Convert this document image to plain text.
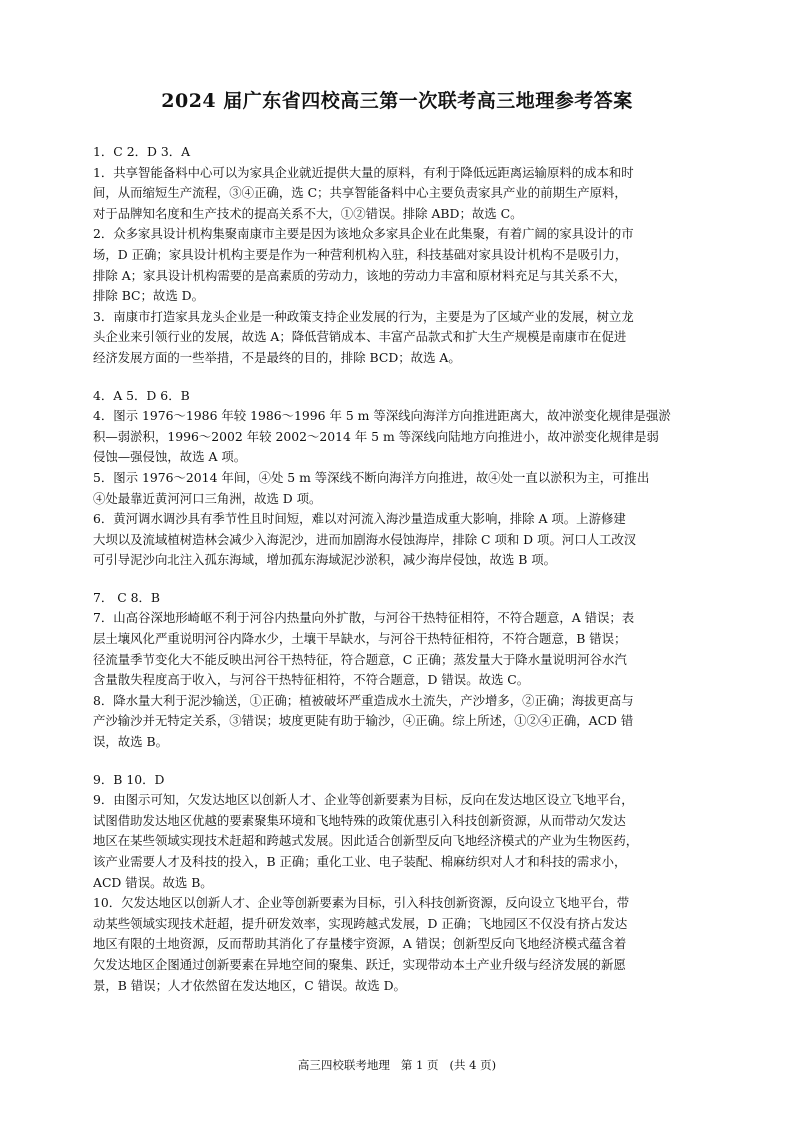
2024 届广东省四校高三第一次联考高三地理参考答案
1．C 2．D 3．A
1．共享智能备料中心可以为家具企业就近提供大量的原料，有利于降低远距离运输原料的成本和时
间，从而缩短生产流程，③④正确，选 C；共享智能备料中心主要负责家具产业的前期生产原料，
对于品牌知名度和生产技术的提高关系不大，①②错误。排除 ABD；故选 C。
2．众多家具设计机构集聚南康市主要是因为该地众多家具企业在此集聚，有着广阔的家具设计的市
场，D 正确；家具设计机构主要是作为一种营利机构入驻，科技基础对家具设计机构不是吸引力，
排除 A；家具设计机构需要的是高素质的劳动力，该地的劳动力丰富和原材料充足与其关系不大，
排除 BC；故选 D。
3．南康市打造家具龙头企业是一种政策支持企业发展的行为，主要是为了区域产业的发展，树立龙
头企业来引领行业的发展，故选 A；降低营销成本、丰富产品款式和扩大生产规模是南康市在促进
经济发展方面的一些举措，不是最终的目的，排除 BCD；故选 A。
4．A 5．D 6．B
4．图示 1976～1986 年较 1986～1996 年 5 m 等深线向海洋方向推进距离大，故冲淤变化规律是强淤
积—弱淤积，1996～2002 年较 2002～2014 年 5 m 等深线向陆地方向推进小，故冲淤变化规律是弱
侵蚀—强侵蚀，故选 A 项。
5．图示 1976～2014 年间，④处 5 m 等深线不断向海洋方向推进，故④处一直以淤积为主，可推出
④处最靠近黄河河口三角洲，故选 D 项。
6．黄河调水调沙具有季节性且时间短，难以对河流入海沙量造成重大影响，排除 A 项。上游修建
大坝以及流域植树造林会减少入海泥沙，进而加剧海水侵蚀海岸，排除 C 项和 D 项。河口人工改汊
可引导泥沙向北注入孤东海域，增加孤东海域泥沙淤积，减少海岸侵蚀，故选 B 项。
7． C 8．B
7．山高谷深地形崎岖不利于河谷内热量向外扩散，与河谷干热特征相符，不符合题意，A 错误；表
层土壤风化严重说明河谷内降水少，土壤干旱缺水，与河谷干热特征相符，不符合题意，B 错误；
径流量季节变化大不能反映出河谷干热特征，符合题意，C 正确；蒸发量大于降水量说明河谷水汽
含量散失程度高于收入，与河谷干热特征相符，不符合题意，D 错误。故选 C。
8．降水量大利于泥沙输送，①正确；植被破坏严重造成水土流失，产沙增多，②正确；海拔更高与
产沙输沙并无特定关系，③错误；坡度更陡有助于输沙，④正确。综上所述，①②④正确，ACD 错
误，故选 B。
9．B 10．D
9．由图示可知，欠发达地区以创新人才、企业等创新要素为目标，反向在发达地区设立飞地平台，
试图借助发达地区优越的要素聚集环境和飞地特殊的政策优惠引入科技创新资源，从而带动欠发达
地区在某些领域实现技术赶超和跨越式发展。因此适合创新型反向飞地经济模式的产业为生物医药，
该产业需要人才及科技的投入，B 正确；重化工业、电子装配、棉麻纺织对人才和科技的需求小，
ACD 错误。故选 B。
10．欠发达地区以创新人才、企业等创新要素为目标，引入科技创新资源，反向设立飞地平台，带
动某些领域实现技术赶超，提升研发效率，实现跨越式发展，D 正确；飞地园区不仅没有挤占发达
地区有限的土地资源，反而帮助其消化了存量楼宇资源，A 错误；创新型反向飞地经济模式蕴含着
欠发达地区企图通过创新要素在异地空间的聚集、跃迁，实现带动本土产业升级与经济发展的新愿
景，B 错误；人才依然留在发达地区，C 错误。故选 D。
高三四校联考地理   第 1 页   (共 4 页)
